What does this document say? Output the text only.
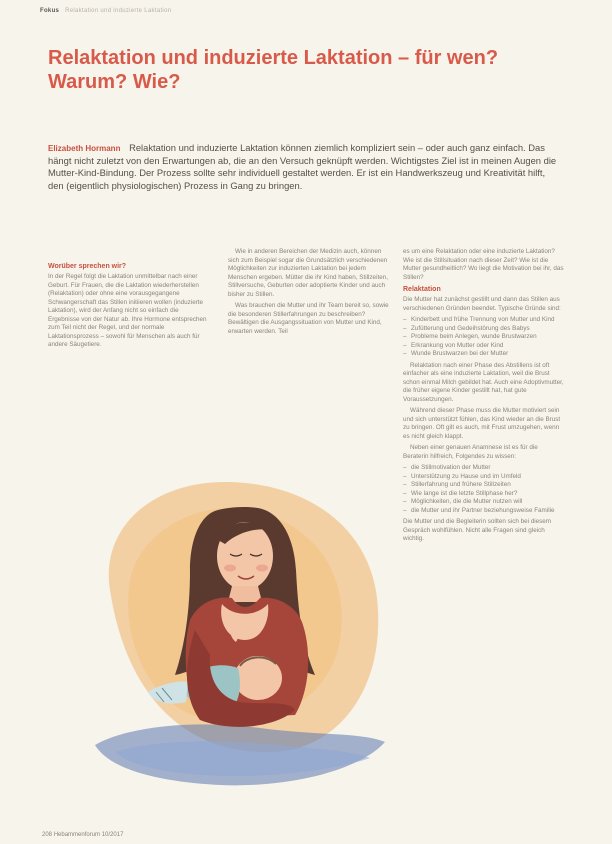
Fokus Relaktation und induzierte Laktation
Relaktation und induzierte Laktation – für wen? Warum? Wie?

Elizabeth Hormann Relaktation und induzierte Laktation können ziemlich kompliziert sein – oder auch ganz einfach. Das hängt nicht zuletzt von den Erwartungen ab, die an den Versuch geknüpft werden. Wichtigstes Ziel ist in meinen Augen die Mutter-Kind-Bindung. Der Prozess sollte sehr individuell gestaltet werden. Er ist ein Handwerkszeug und Kreativität hilft, den (eigentlich physiologischen) Prozess in Gang zu bringen.

Worüber sprechen wir?

In der Regel folgt die Laktation unmittelbar nach einer Geburt. Für Frauen, die die Laktation wiederherstellen (Relaktation) oder ohne eine vorausgegangene Schwangerschaft das Stillen initiieren wollen (induzierte Laktation), wird der Anfang nicht so einfach die Ergebnisse von der Natur ab. Ihre Hormone entsprechen zum Teil nicht der Regel, und der normale Laktationsprozess – sowohl für Menschen als auch für andere Säugetiere.

Wie in anderen Bereichen der Medizin auch, können sich zum Beispiel sogar die Grundsätzlich verschiedenen Möglichkeiten zur induzierten Laktation bei jedem Menschen ergeben. Mütter die ihr Kind haben, Stillzeiten, Stillversuche, Geburten oder adoptierte Kinder und auch bisher zu Stillen.

Was brauchen die Mutter und ihr Team bereit so, sowie die besonderen Stillerfahrungen zu beschreiben? Bewältigen die Ausgangssituation von Mutter und Kind, erwarten werden. Teil

es um eine Relaktation oder eine induzierte Laktation? Wie ist die Stillsituation nach dieser Zeit? Wie ist die Mutter gesundheitlich? Wo liegt die Motivation bei ihr, das Stillen?

Relaktation

Die Mutter hat zunächst gestillt und dann das Stillen aus verschiedenen Gründen beendet. Typische Gründe sind:

– Kinderbett und frühe Trennung von Mutter und Kind
– Zufütterung und Gedeihstörung des Babys
– Probleme beim Anlegen, wunde Brustwarzen
– Erkrankung von Mutter oder Kind
– Wunde Brustwarzen bei der Mutter

Relaktation nach einer Phase des Abstillens ist oft einfacher als eine induzierte Laktation, weil die Brust schon einmal Milch gebildet hat. Auch eine Adoptivmutter, die früher eigene Kinder gestillt hat, hat gute Voraussetzungen.

Während dieser Phase muss die Mutter motiviert sein und sich unterstützt fühlen, das Kind wieder an die Brust zu bringen. Oft gilt es auch, mit Frust umzugehen, wenn es nicht gleich klappt.

Neben einer genauen Anamnese ist es für die Beraterin hilfreich, Folgendes zu wissen:

– die Stillmotivation der Mutter
– Unterstützung zu Hause und im Umfeld
– Stillerfahrung und frühere Stillzeiten
– Wie lange ist die letzte Stillphase her?
– Möglichkeiten, die die Mutter nutzen will
– die Mutter und ihr Partner beziehungsweise Familie

Die Mutter und die Begleiterin sollten sich bei diesem Gespräch wohlfühlen. Nicht alle Fragen sind gleich wichtig.

208 Hebammenforum 10/2017
